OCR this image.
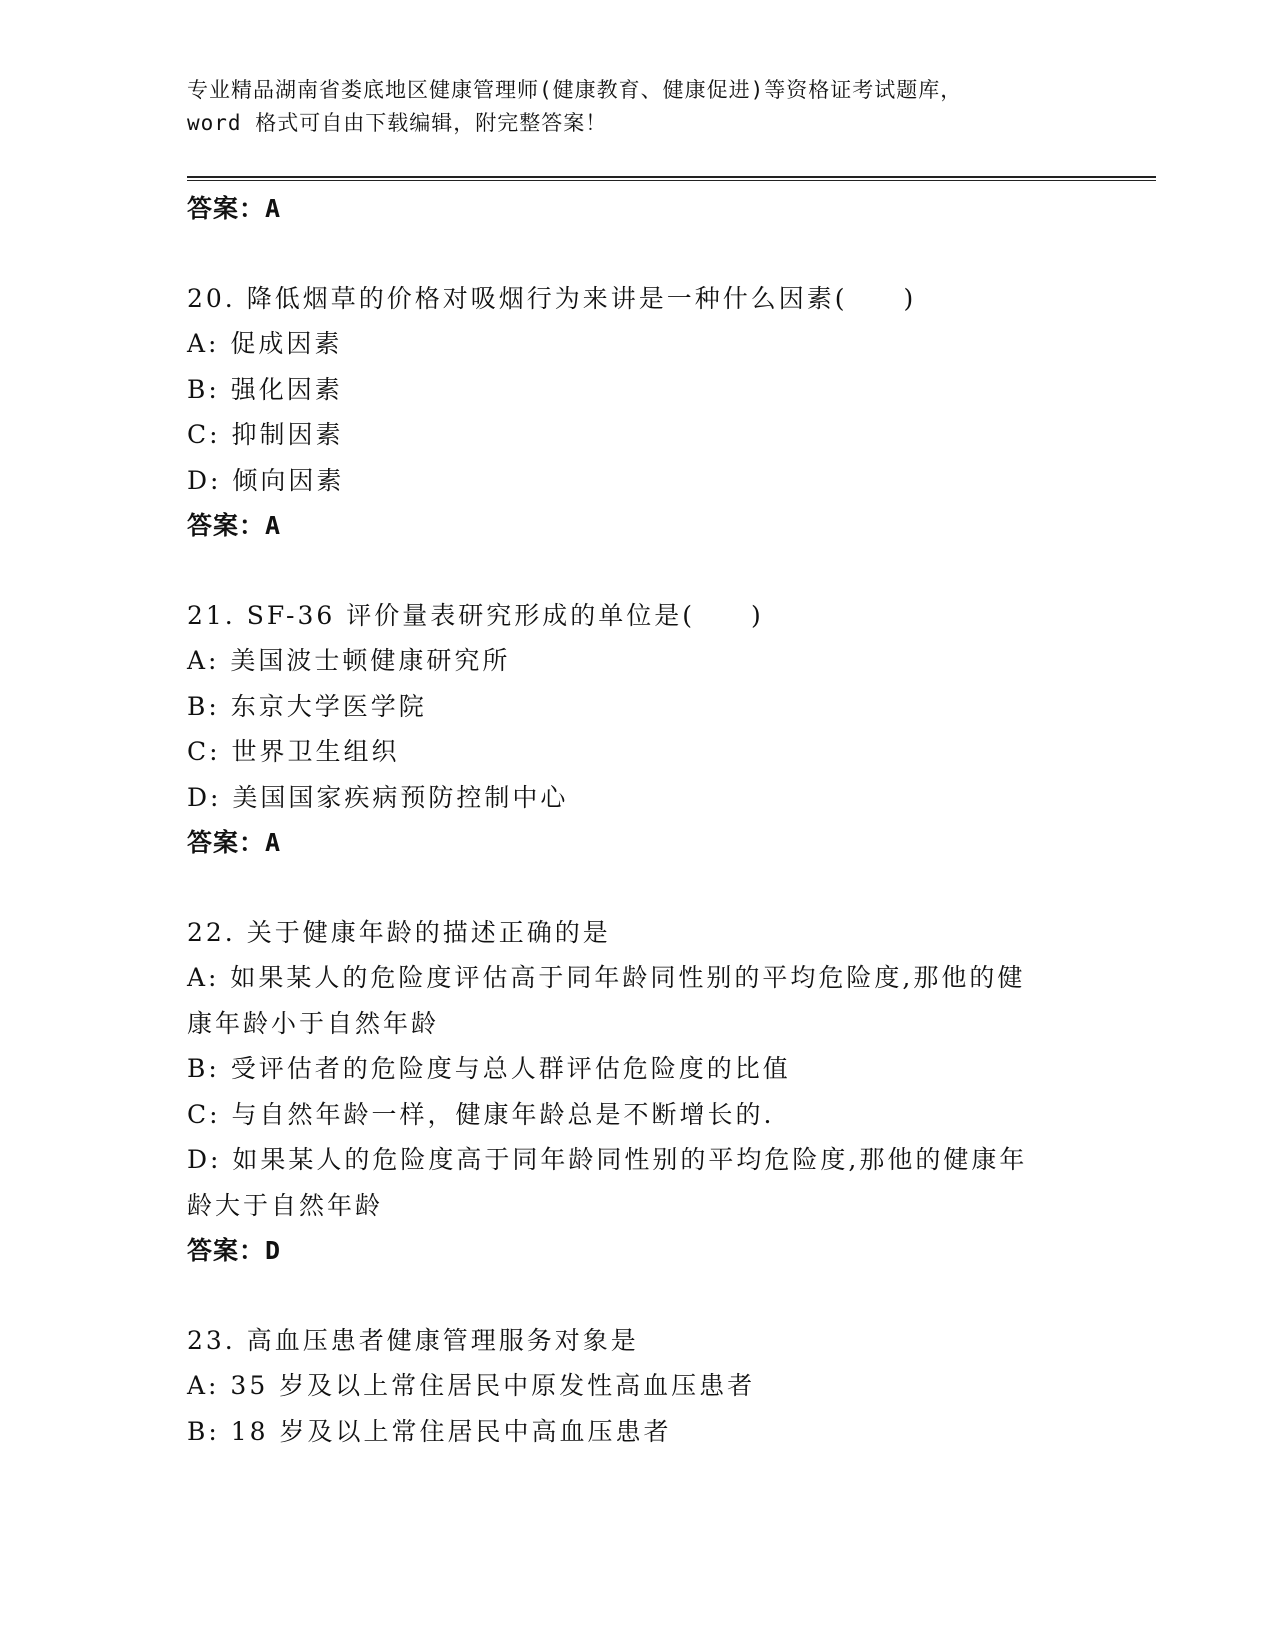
专业精品湖南省娄底地区健康管理师(健康教育、健康促进)等资格证考试题库，
word 格式可自由下载编辑，附完整答案！
答案：A
20. 降低烟草的价格对吸烟行为来讲是一种什么因素(　　)
A: 促成因素
B: 强化因素
C: 抑制因素
D: 倾向因素
答案：A
21. SF-36 评价量表研究形成的单位是(　　)
A: 美国波士顿健康研究所
B: 东京大学医学院
C: 世界卫生组织
D: 美国国家疾病预防控制中心
答案：A
22. 关于健康年龄的描述正确的是
A: 如果某人的危险度评估高于同年龄同性别的平均危险度,那他的健
康年龄小于自然年龄
B: 受评估者的危险度与总人群评估危险度的比值
C: 与自然年龄一样，健康年龄总是不断增长的.
D: 如果某人的危险度高于同年龄同性别的平均危险度,那他的健康年
龄大于自然年龄
答案：D
23. 高血压患者健康管理服务对象是
A: 35 岁及以上常住居民中原发性高血压患者
B: 18 岁及以上常住居民中高血压患者
